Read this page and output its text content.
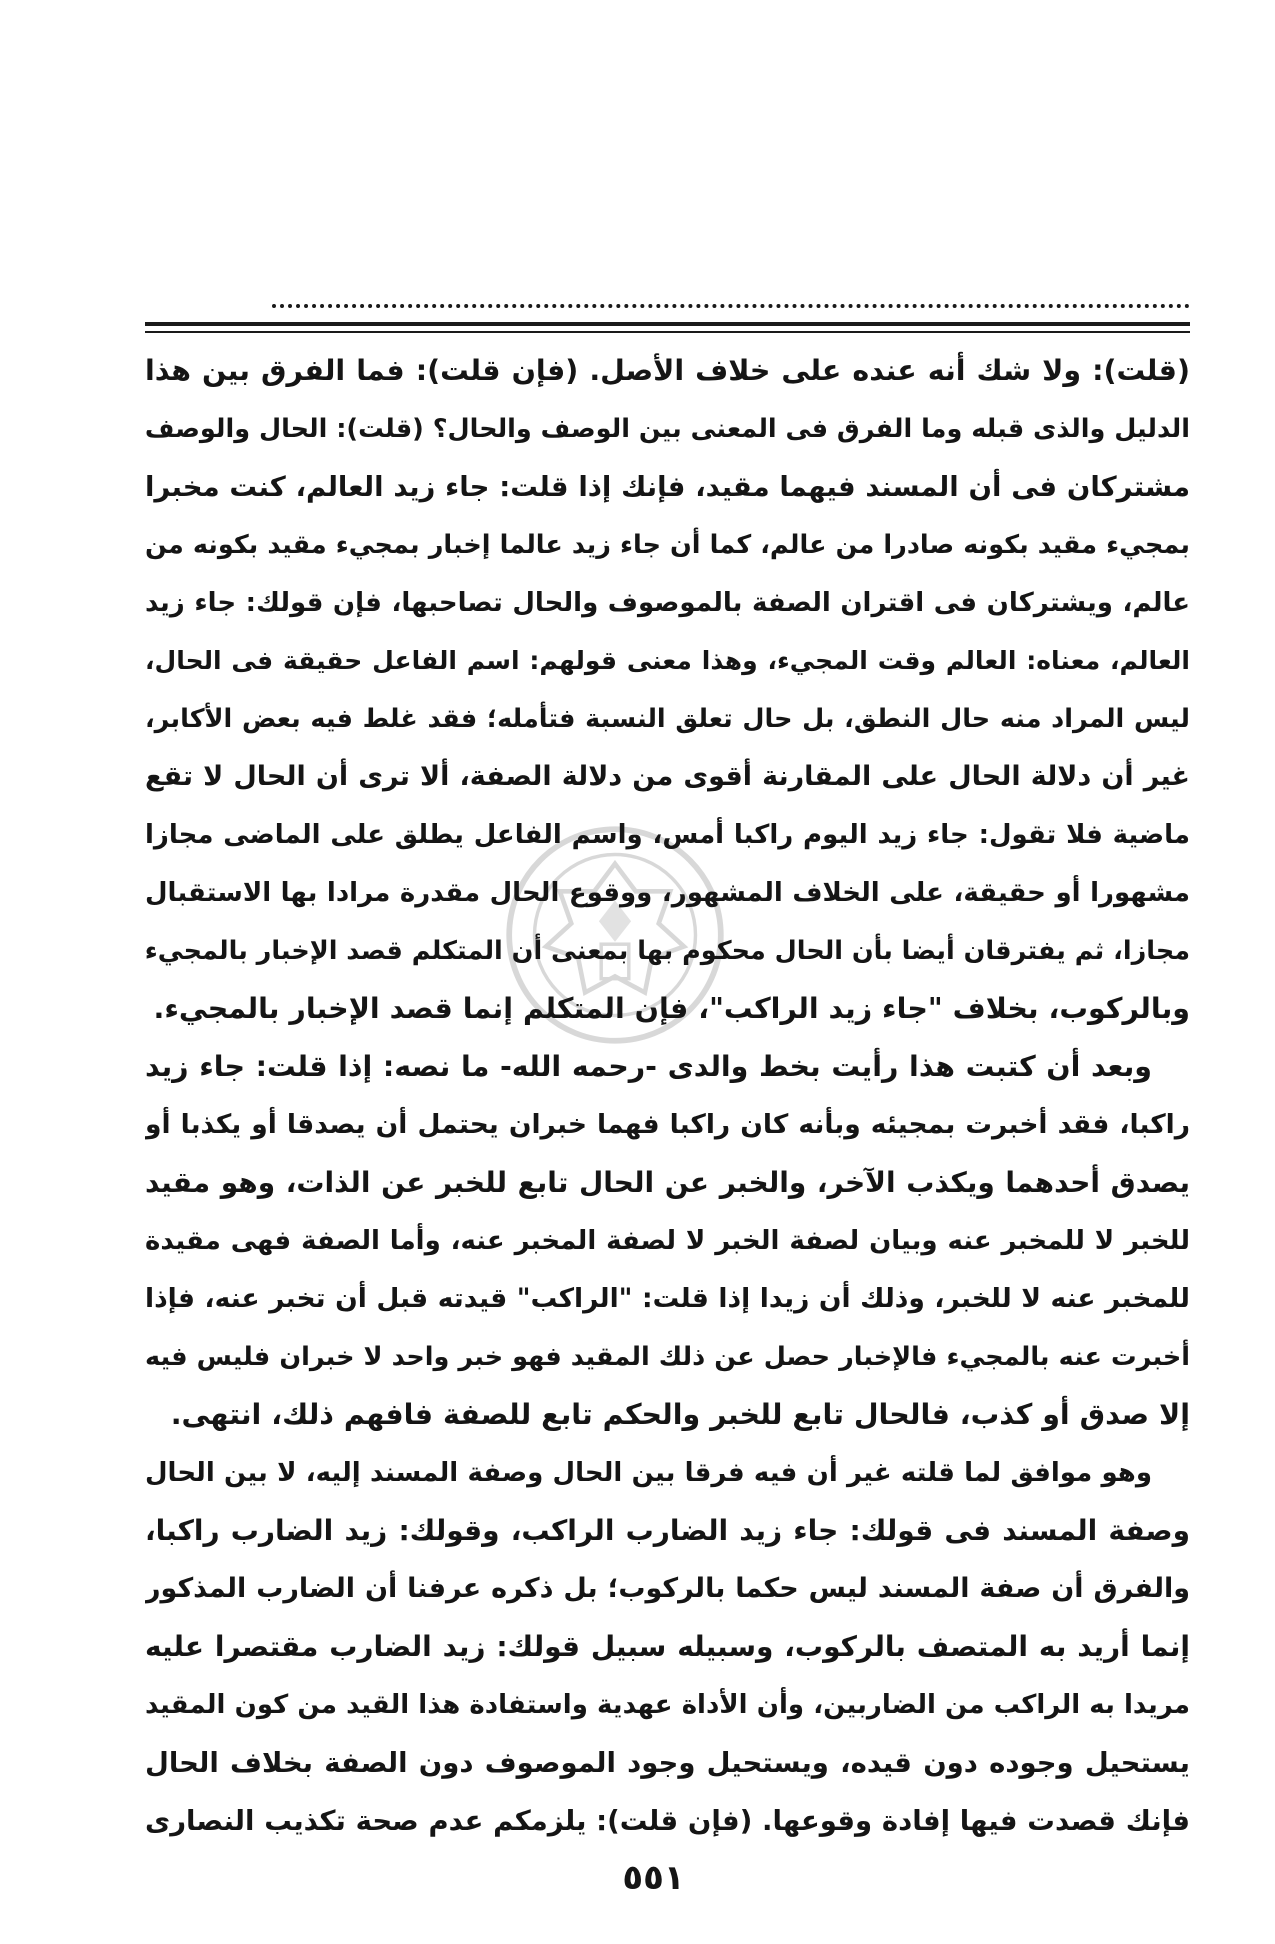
(قلت): ولا شك أنه عنده على خلاف الأصل. (فإن قلت): فما الفرق بين هذا
الدليل والذى قبله وما الفرق فى المعنى بين الوصف والحال؟ (قلت): الحال والوصف
مشتركان فى أن المسند فيهما مقيد، فإنك إذا قلت: جاء زيد العالم، كنت مخبرا
بمجيء مقيد بكونه صادرا من عالم، كما أن جاء زيد عالما إخبار بمجيء مقيد بكونه من
عالم، ويشتركان فى اقتران الصفة بالموصوف والحال تصاحبها، فإن قولك: جاء زيد
العالم، معناه: العالم وقت المجيء، وهذا معنى قولهم: اسم الفاعل حقيقة فى الحال،
ليس المراد منه حال النطق، بل حال تعلق النسبة فتأمله؛ فقد غلط فيه بعض الأكابر،
غير أن دلالة الحال على المقارنة أقوى من دلالة الصفة، ألا ترى أن الحال لا تقع
ماضية فلا تقول: جاء زيد اليوم راكبا أمس، واسم الفاعل يطلق على الماضى مجازا
مشهورا أو حقيقة، على الخلاف المشهور، ووقوع الحال مقدرة مرادا بها الاستقبال
مجازا، ثم يفترقان أيضا بأن الحال محكوم بها بمعنى أن المتكلم قصد الإخبار بالمجيء
وبالركوب، بخلاف "جاء زيد الراكب"، فإن المتكلم إنما قصد الإخبار بالمجيء.
وبعد أن كتبت هذا رأيت بخط والدى -رحمه الله- ما نصه: إذا قلت: جاء زيد
راكبا، فقد أخبرت بمجيئه وبأنه كان راكبا فهما خبران يحتمل أن يصدقا أو يكذبا أو
يصدق أحدهما ويكذب الآخر، والخبر عن الحال تابع للخبر عن الذات، وهو مقيد
للخبر لا للمخبر عنه وبيان لصفة الخبر لا لصفة المخبر عنه، وأما الصفة فهى مقيدة
للمخبر عنه لا للخبر، وذلك أن زيدا إذا قلت: "الراكب" قيدته قبل أن تخبر عنه، فإذا
أخبرت عنه بالمجيء فالإخبار حصل عن ذلك المقيد فهو خبر واحد لا خبران فليس فيه
إلا صدق أو كذب، فالحال تابع للخبر والحكم تابع للصفة فافهم ذلك، انتهى.
وهو موافق لما قلته غير أن فيه فرقا بين الحال وصفة المسند إليه، لا بين الحال
وصفة المسند فى قولك: جاء زيد الضارب الراكب، وقولك: زيد الضارب راكبا،
والفرق أن صفة المسند ليس حكما بالركوب؛ بل ذكره عرفنا أن الضارب المذكور
إنما أريد به المتصف بالركوب، وسبيله سبيل قولك: زيد الضارب مقتصرا عليه
مريدا به الراكب من الضاربين، وأن الأداة عهدية واستفادة هذا القيد من كون المقيد
يستحيل وجوده دون قيده، ويستحيل وجود الموصوف دون الصفة بخلاف الحال
فإنك قصدت فيها إفادة وقوعها. (فإن قلت): يلزمكم عدم صحة تكذيب النصارى
٥٥١
